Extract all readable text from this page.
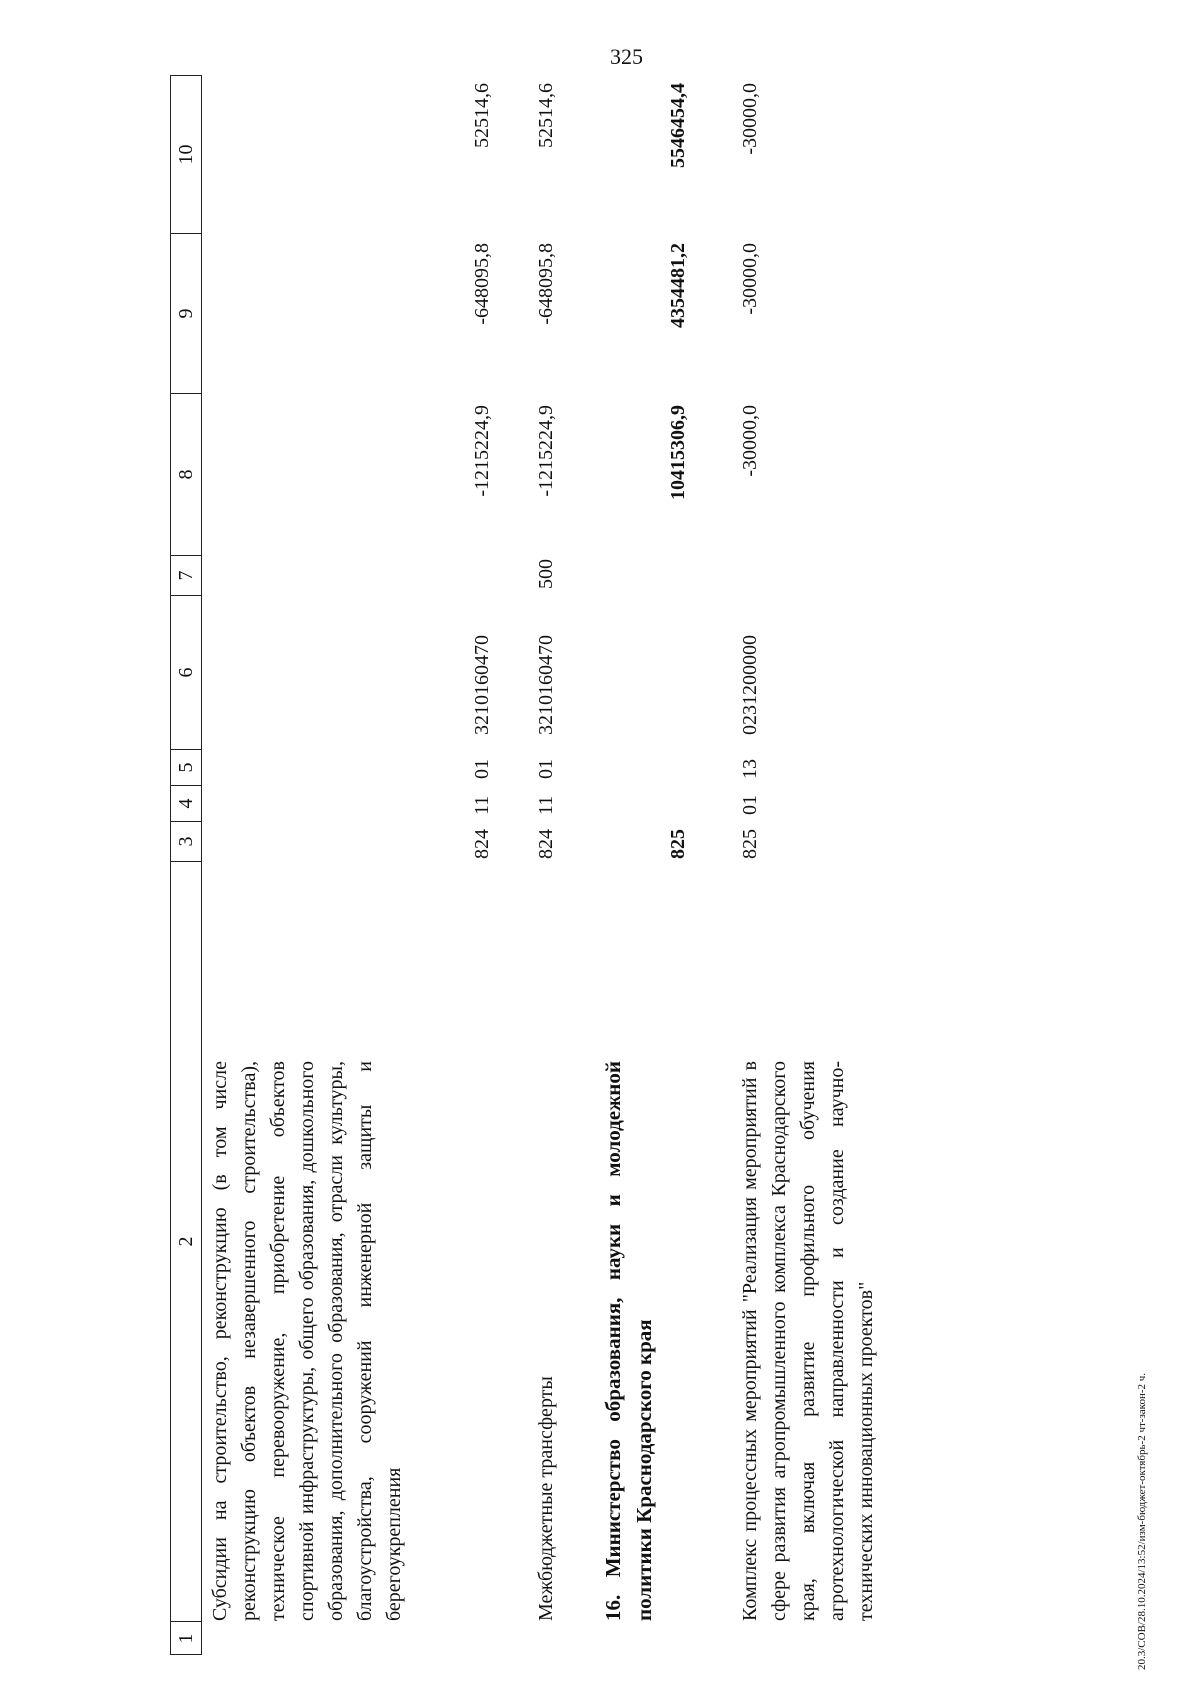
325
20.3/СОВ/28.10.2024/13:52/изм-бюджет-октябрь-2 чт-закон-2 ч.
1
2
3
4
5
6
7
8
9
10
Субсидии на строительство, реконструкцию (в том числе реконструкцию объектов незавершенного строительства), техническое перевооружение, приобретение объектов спортивной инфраструктуры, общего образования, дошкольного образования, дополнительного образования, отрасли культуры, благоустройства, сооружений инженерной защиты и берегоукрепления
824
11
01
3210160470
-1215224,9
-648095,8
52514,6
Межбюджетные трансферты
824
11
01
3210160470
500
-1215224,9
-648095,8
52514,6
16. Министерство образования, науки и молодежной политики Краснодарского края
825
10415306,9
4354481,2
5546454,4
Комплекс процессных мероприятий "Реализация мероприятий в сфере развития агропромышленного комплекса Краснодарского края, включая развитие профильного обучения агротехнологической направленности и создание научно-технических инновационных проектов"
825
01
13
0231200000
-30000,0
-30000,0
-30000,0
